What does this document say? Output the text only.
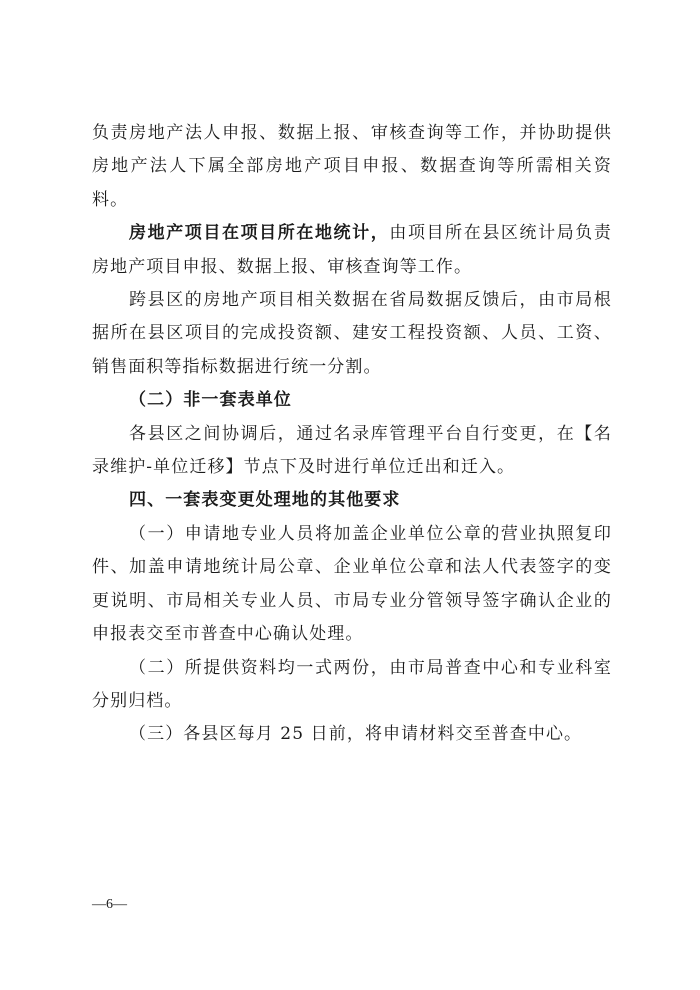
负责房地产法人申报、数据上报、审核查询等工作，并协助提供房地产法人下属全部房地产项目申报、数据查询等所需相关资料。

房地产项目在项目所在地统计，由项目所在县区统计局负责房地产项目申报、数据上报、审核查询等工作。

跨县区的房地产项目相关数据在省局数据反馈后，由市局根据所在县区项目的完成投资额、建安工程投资额、人员、工资、销售面积等指标数据进行统一分割。

（二）非一套表单位

各县区之间协调后，通过名录库管理平台自行变更，在【名录维护-单位迁移】节点下及时进行单位迁出和迁入。

四、一套表变更处理地的其他要求

（一）申请地专业人员将加盖企业单位公章的营业执照复印件、加盖申请地统计局公章、企业单位公章和法人代表签字的变更说明、市局相关专业人员、市局专业分管领导签字确认企业的申报表交至市普查中心确认处理。

（二）所提供资料均一式两份，由市局普查中心和专业科室分别归档。

（三）各县区每月 25 日前，将申请材料交至普查中心。

—6—
